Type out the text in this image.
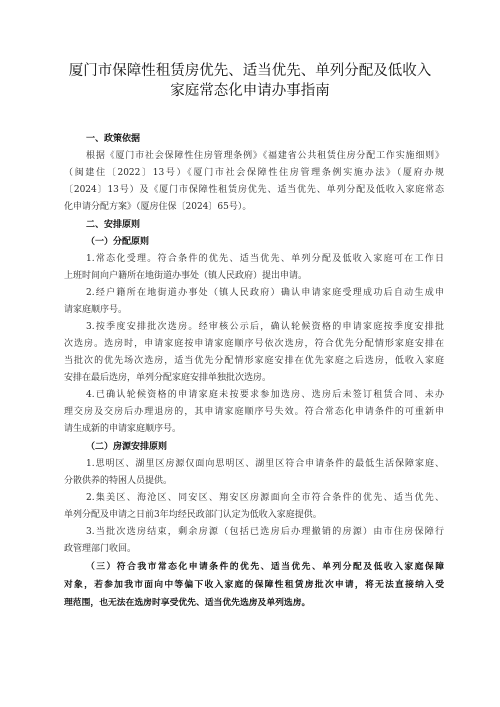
厦门市保障性租赁房优先、适当优先、单列分配及低收入
家庭常态化申请办事指南
一、政策依据
根据《厦门市社会保障性住房管理条例》《福建省公共租赁住房分配工作实施细则》
（闽建住〔2022〕13号）《厦门市社会保障性住房管理条例实施办法》（厦府办规
〔2024〕13号）及《厦门市保障性租赁房优先、适当优先、单列分配及低收入家庭常态
化申请分配方案》（厦房住保〔2024〕65号）。
二、安排原则
（一）分配原则
1.常态化受理。符合条件的优先、适当优先、单列分配及低收入家庭可在工作日
上班时间向户籍所在地街道办事处（镇人民政府）提出申请。
2.经户籍所在地街道办事处（镇人民政府）确认申请家庭受理成功后自动生成申
请家庭顺序号。
3.按季度安排批次选房。经审核公示后，确认轮候资格的申请家庭按季度安排批
次选房。选房时，申请家庭按申请家庭顺序号依次选房，符合优先分配情形家庭安排在
当批次的优先场次选房，适当优先分配情形家庭安排在优先家庭之后选房，低收入家庭
安排在最后选房，单列分配家庭安排单独批次选房。
4.已确认轮候资格的申请家庭未按要求参加选房、选房后未签订租赁合同、未办
理交房及交房后办理退房的，其申请家庭顺序号失效。符合常态化申请条件的可重新申
请生成新的申请家庭顺序号。
（二）房源安排原则
1.思明区、湖里区房源仅面向思明区、湖里区符合申请条件的最低生活保障家庭、
分散供养的特困人员提供。
2.集美区、海沧区、同安区、翔安区房源面向全市符合条件的优先、适当优先、
单列分配及申请之日前3年均经民政部门认定为低收入家庭提供。
3.当批次选房结束，剩余房源（包括已选房后办理撤销的房源）由市住房保障行
政管理部门收回。
（三）符合我市常态化申请条件的优先、适当优先、单列分配及低收入家庭保障
对象，若参加我市面向中等偏下收入家庭的保障性租赁房批次申请，将无法直接纳入受
理范围，也无法在选房时享受优先、适当优先选房及单列选房。
